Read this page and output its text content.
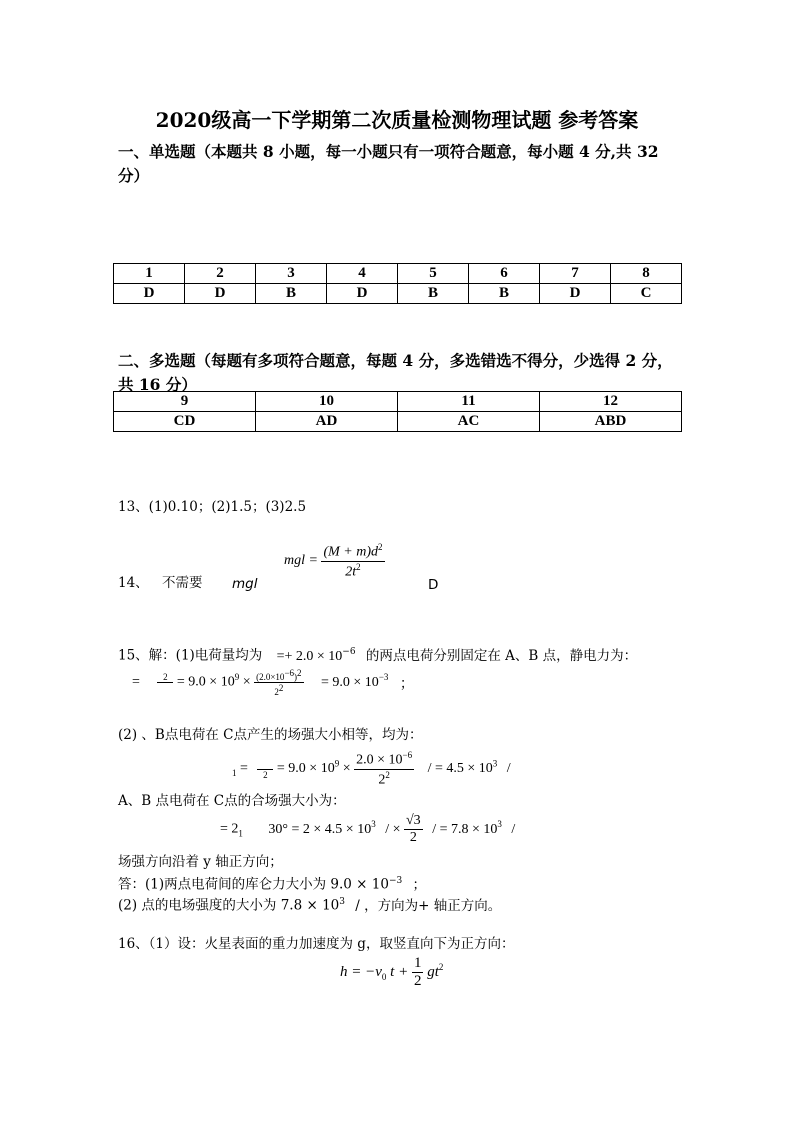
2020级高一下学期第二次质量检测物理试题 参考答案
一、单选题（本题共 8 小题，每一小题只有一项符合题意，每小题 4 分,共 32
分）
1	2	3	4	5	6	7	8
D	D	B	D	B	B	D	C
二、多选题（每题有多项符合题意，每题 4 分，多选错选不得分，少选得 2 分，
共 16 分）
9	10	11	12
CD	AD	AC	ABD
13、(1)0.10；(2)1.5；(3)2.5
14、 不需要 mgl
mgl = $\frac{(M + m)d^2}{2t^2}$
D
15、解：(1)电荷量均为 =+ $2.0 \times 10^{-6}$ 的两点电荷分别固定在 A、B 点，静电力为：
=	2
= $9.0 \times 10^9 \times \frac{(2.0\times 10^{-6})^2}{2^2} = 9.0 \times 10^{-3}$ ；
(2) 、B点电荷在 C点产生的场强大小相等，均为：
$_1$ =
	$2 = 9.0 \times 10^9 \times \frac{2.0 \times 10^{-6}}{2^2}$ / = $4.5 \times 10^3$ /
A、B 点电荷在 C点的合场强大小为：
= $2_1$ $30^\circ = 2 \times 4.5 \times 10^3$ / × $\frac{√3}{2}$ / = $7.8 \times 10^3$ /
场强方向沿着 y 轴正方向；
答：(1)两点电荷间的库仑力大小为 $9.0 \times 10^{-3}$ ；
(2) 点的电场强度的大小为 $7.8 \times 10^3$ / ，方向为+ 轴正方向。
16、（1）设：火星表面的重力加速度为 g，取竖直向下为正方向：
$h = -v_0$ $t + \frac{1}{2} gt^2$
